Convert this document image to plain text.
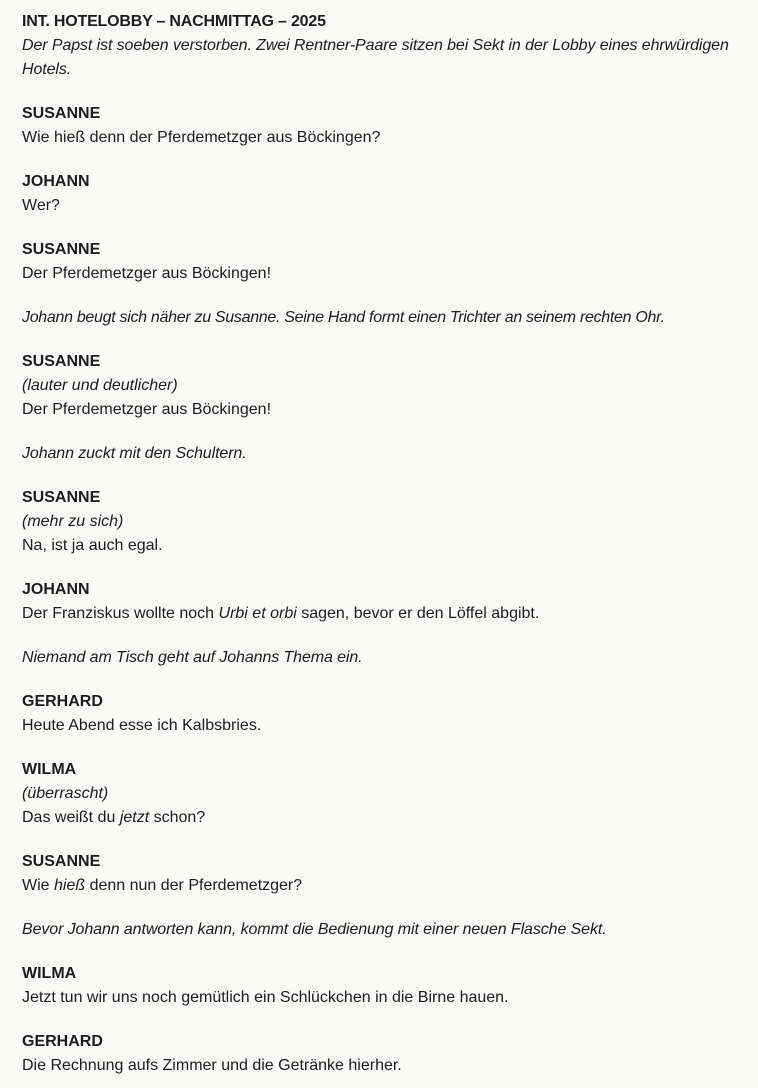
INT. HOTELOBBY – NACHMITTAG – 2025
Der Papst ist soeben verstorben. Zwei Rentner-Paare sitzen bei Sekt in der Lobby eines ehrwürdigen Hotels.
SUSANNE
Wie hieß denn der Pferdemetzger aus Böckingen?
JOHANN
Wer?
SUSANNE
Der Pferdemetzger aus Böckingen!
Johann beugt sich näher zu Susanne. Seine Hand formt einen Trichter an seinem rechten Ohr.
SUSANNE
(lauter und deutlicher)
Der Pferdemetzger aus Böckingen!
Johann zuckt mit den Schultern.
SUSANNE
(mehr zu sich)
Na, ist ja auch egal.
JOHANN
Der Franziskus wollte noch Urbi et orbi sagen, bevor er den Löffel abgibt.
Niemand am Tisch geht auf Johanns Thema ein.
GERHARD
Heute Abend esse ich Kalbsbries.
WILMA
(überrascht)
Das weißt du jetzt schon?
SUSANNE
Wie hieß denn nun der Pferdemetzger?
Bevor Johann antworten kann, kommt die Bedienung mit einer neuen Flasche Sekt.
WILMA
Jetzt tun wir uns noch gemütlich ein Schlückchen in die Birne hauen.
GERHARD
Die Rechnung aufs Zimmer und die Getränke hierher.
